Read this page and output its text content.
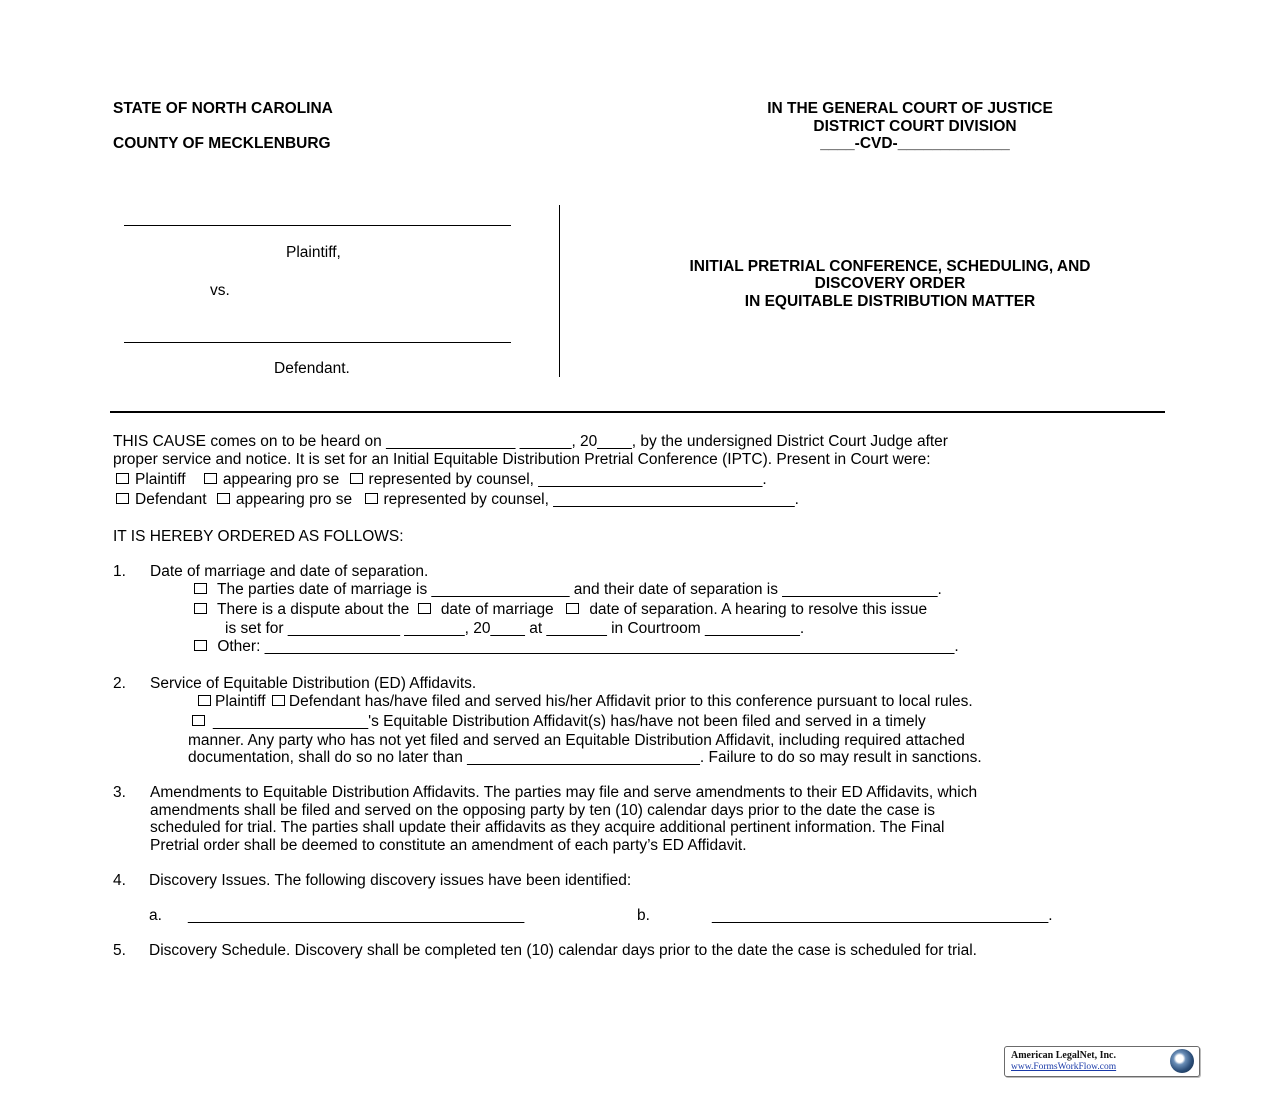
STATE OF NORTH CAROLINA
COUNTY OF MECKLENBURG
IN THE GENERAL COURT OF JUSTICE
DISTRICT COURT DIVISION
____-CVD-_____________
Plaintiff,
vs.
Defendant.
INITIAL PRETRIAL CONFERENCE, SCHEDULING, AND
DISCOVERY ORDER
IN EQUITABLE DISTRIBUTION MATTER
THIS CAUSE comes on to be heard on _______________ ______, 20____, by the undersigned District Court Judge after
proper service and notice. It is set for an Initial Equitable Distribution Pretrial Conference (IPTC). Present in Court were:
Plaintiff appearing pro se represented by counsel, __________________________.
Defendant appearing pro se represented by counsel, ____________________________.
IT IS HEREBY ORDERED AS FOLLOWS:
1. Date of marriage and date of separation.
The parties date of marriage is ________________ and their date of separation is __________________.
There is a dispute about the date of marriage date of separation. A hearing to resolve this issue
is set for _____________ _______, 20____ at _______ in Courtroom ___________.
Other: ________________________________________________________________________________.
2. Service of Equitable Distribution (ED) Affidavits.
Plaintiff Defendant has/have filed and served his/her Affidavit prior to this conference pursuant to local rules.
__________________'s Equitable Distribution Affidavit(s) has/have not been filed and served in a timely
manner. Any party who has not yet filed and served an Equitable Distribution Affidavit, including required attached
documentation, shall do so no later than ___________________________. Failure to do so may result in sanctions.
3. Amendments to Equitable Distribution Affidavits. The parties may file and serve amendments to their ED Affidavits, which
amendments shall be filed and served on the opposing party by ten (10) calendar days prior to the date the case is
scheduled for trial. The parties shall update their affidavits as they acquire additional pertinent information. The Final
Pretrial order shall be deemed to constitute an amendment of each party’s ED Affidavit.
4. Discovery Issues. The following discovery issues have been identified:
a. _______________________________________	b.	_______________________________________.
5. Discovery Schedule. Discovery shall be completed ten (10) calendar days prior to the date the case is scheduled for trial.
American LegalNet, Inc.
www.FormsWorkFlow.com
